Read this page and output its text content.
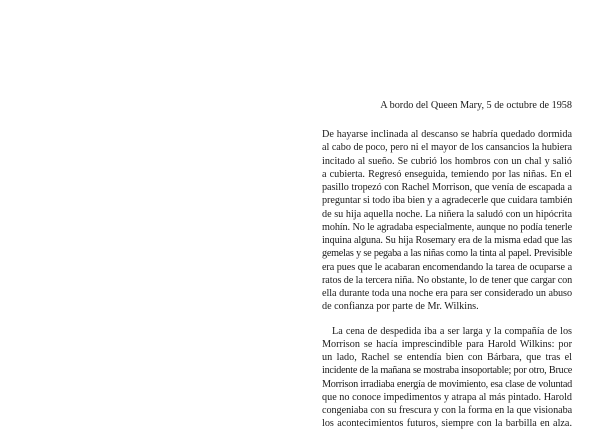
A bordo del Queen Mary, 5 de octubre de 1958

De hayarse inclinada al descanso se habría quedado dormida
al cabo de poco, pero ni el mayor de los cansancios la hubiera
incitado al sueño. Se cubrió los hombros con un chal y salió
a cubierta. Regresó enseguida, temiendo por las niñas. En el
pasillo tropezó con Rachel Morrison, que venía de escapada a
preguntar si todo iba bien y a agradecerle que cuidara también
de su hija aquella noche. La niñera la saludó con un hipócrita
mohín. No le agradaba especialmente, aunque no podía tenerle
inquina alguna. Su hija Rosemary era de la misma edad que las
gemelas y se pegaba a las niñas como la tinta al papel. Previsible
era pues que le acabaran encomendando la tarea de ocuparse a
ratos de la tercera niña. No obstante, lo de tener que cargar con
ella durante toda una noche era para ser considerado un abuso
de confianza por parte de Mr. Wilkins.

La cena de despedida iba a ser larga y la compañía de los
Morrison se hacía imprescindible para Harold Wilkins: por
un lado, Rachel se entendía bien con Bárbara, que tras el
incidente de la mañana se mostraba insoportable; por otro, Bruce
Morrison irradiaba energía de movimiento, esa clase de voluntad
que no conoce impedimentos y atrapa al más pintado. Harold
congeniaba con su frescura y con la forma en la que visionaba
los acontecimientos futuros, siempre con la barbilla en alza.
